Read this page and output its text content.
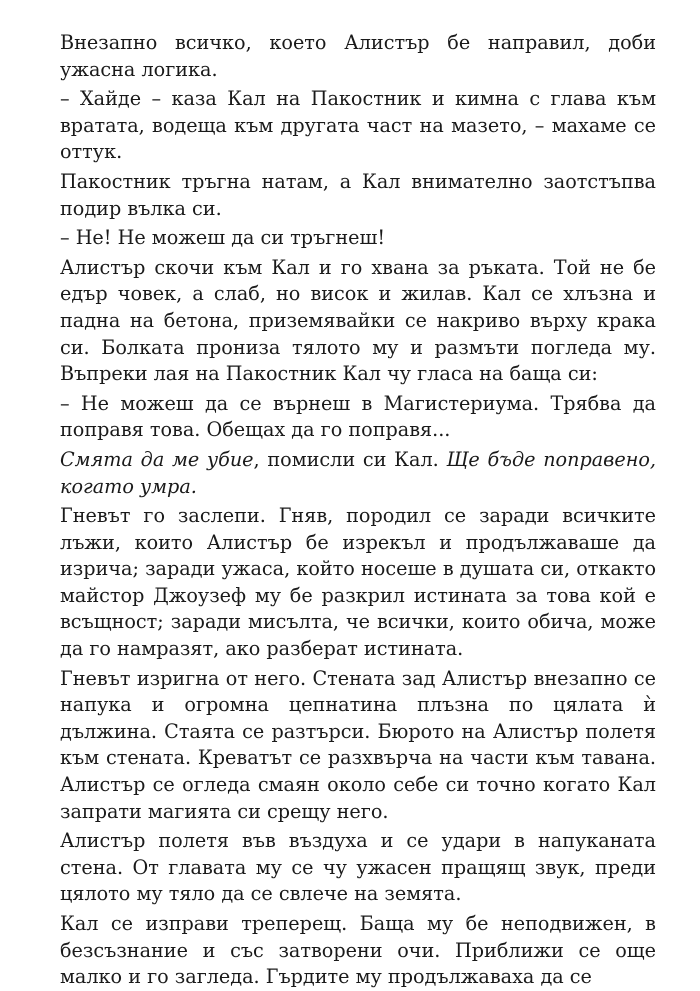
Внезапно всичко, което Алистър бе направил, доби ужасна логика.

– Хайде – каза Кал на Пакостник и кимна с глава към вратата, водеща към другата част на мазето, – махаме се оттук.

Пакостник тръгна натам, а Кал внимателно заотстъпва подир вълка си.

– Не! Не можеш да си тръгнеш!

Алистър скочи към Кал и го хвана за ръката. Той не бе едър човек, а слаб, но висок и жилав. Кал се хлъзна и падна на бетона, приземявайки се накриво върху крака си. Болката прониза тялото му и размъти погледа му. Въпреки лая на Пакостник Кал чу гласа на баща си:

– Не можеш да се върнеш в Магистериума. Трябва да поправя това. Обещах да го поправя...

Смята да ме убие, помисли си Кал. Ще бъде поправено, когато умра.

Гневът го заслепи. Гняв, породил се заради всичките лъжи, които Алистър бе изрекъл и продължаваше да изрича; заради ужаса, който носеше в душата си, откакто майстор Джоузеф му бе разкрил истината за това кой е всъщност; заради мисълта, че всички, които обича, може да го намразят, ако разберат истината.

Гневът изригна от него. Стената зад Алистър внезапно се напука и огромна цепнатина плъзна по цялата ѝ дължина. Стаята се разтърси. Бюрото на Алистър полетя към стената. Креватът се разхвърча на части към тавана. Алистър се огледа смаян около себе си точно когато Кал запрати магията си срещу него.

Алистър полетя във въздуха и се удари в напуканата стена. От главата му се чу ужасен пращящ звук, преди цялото му тяло да се свлече на земята.

Кал се изправи треперещ. Баща му бе неподвижен, в безсъзнание и със затворени очи. Приближи се още малко и го загледа. Гърдите му продължаваха да се
